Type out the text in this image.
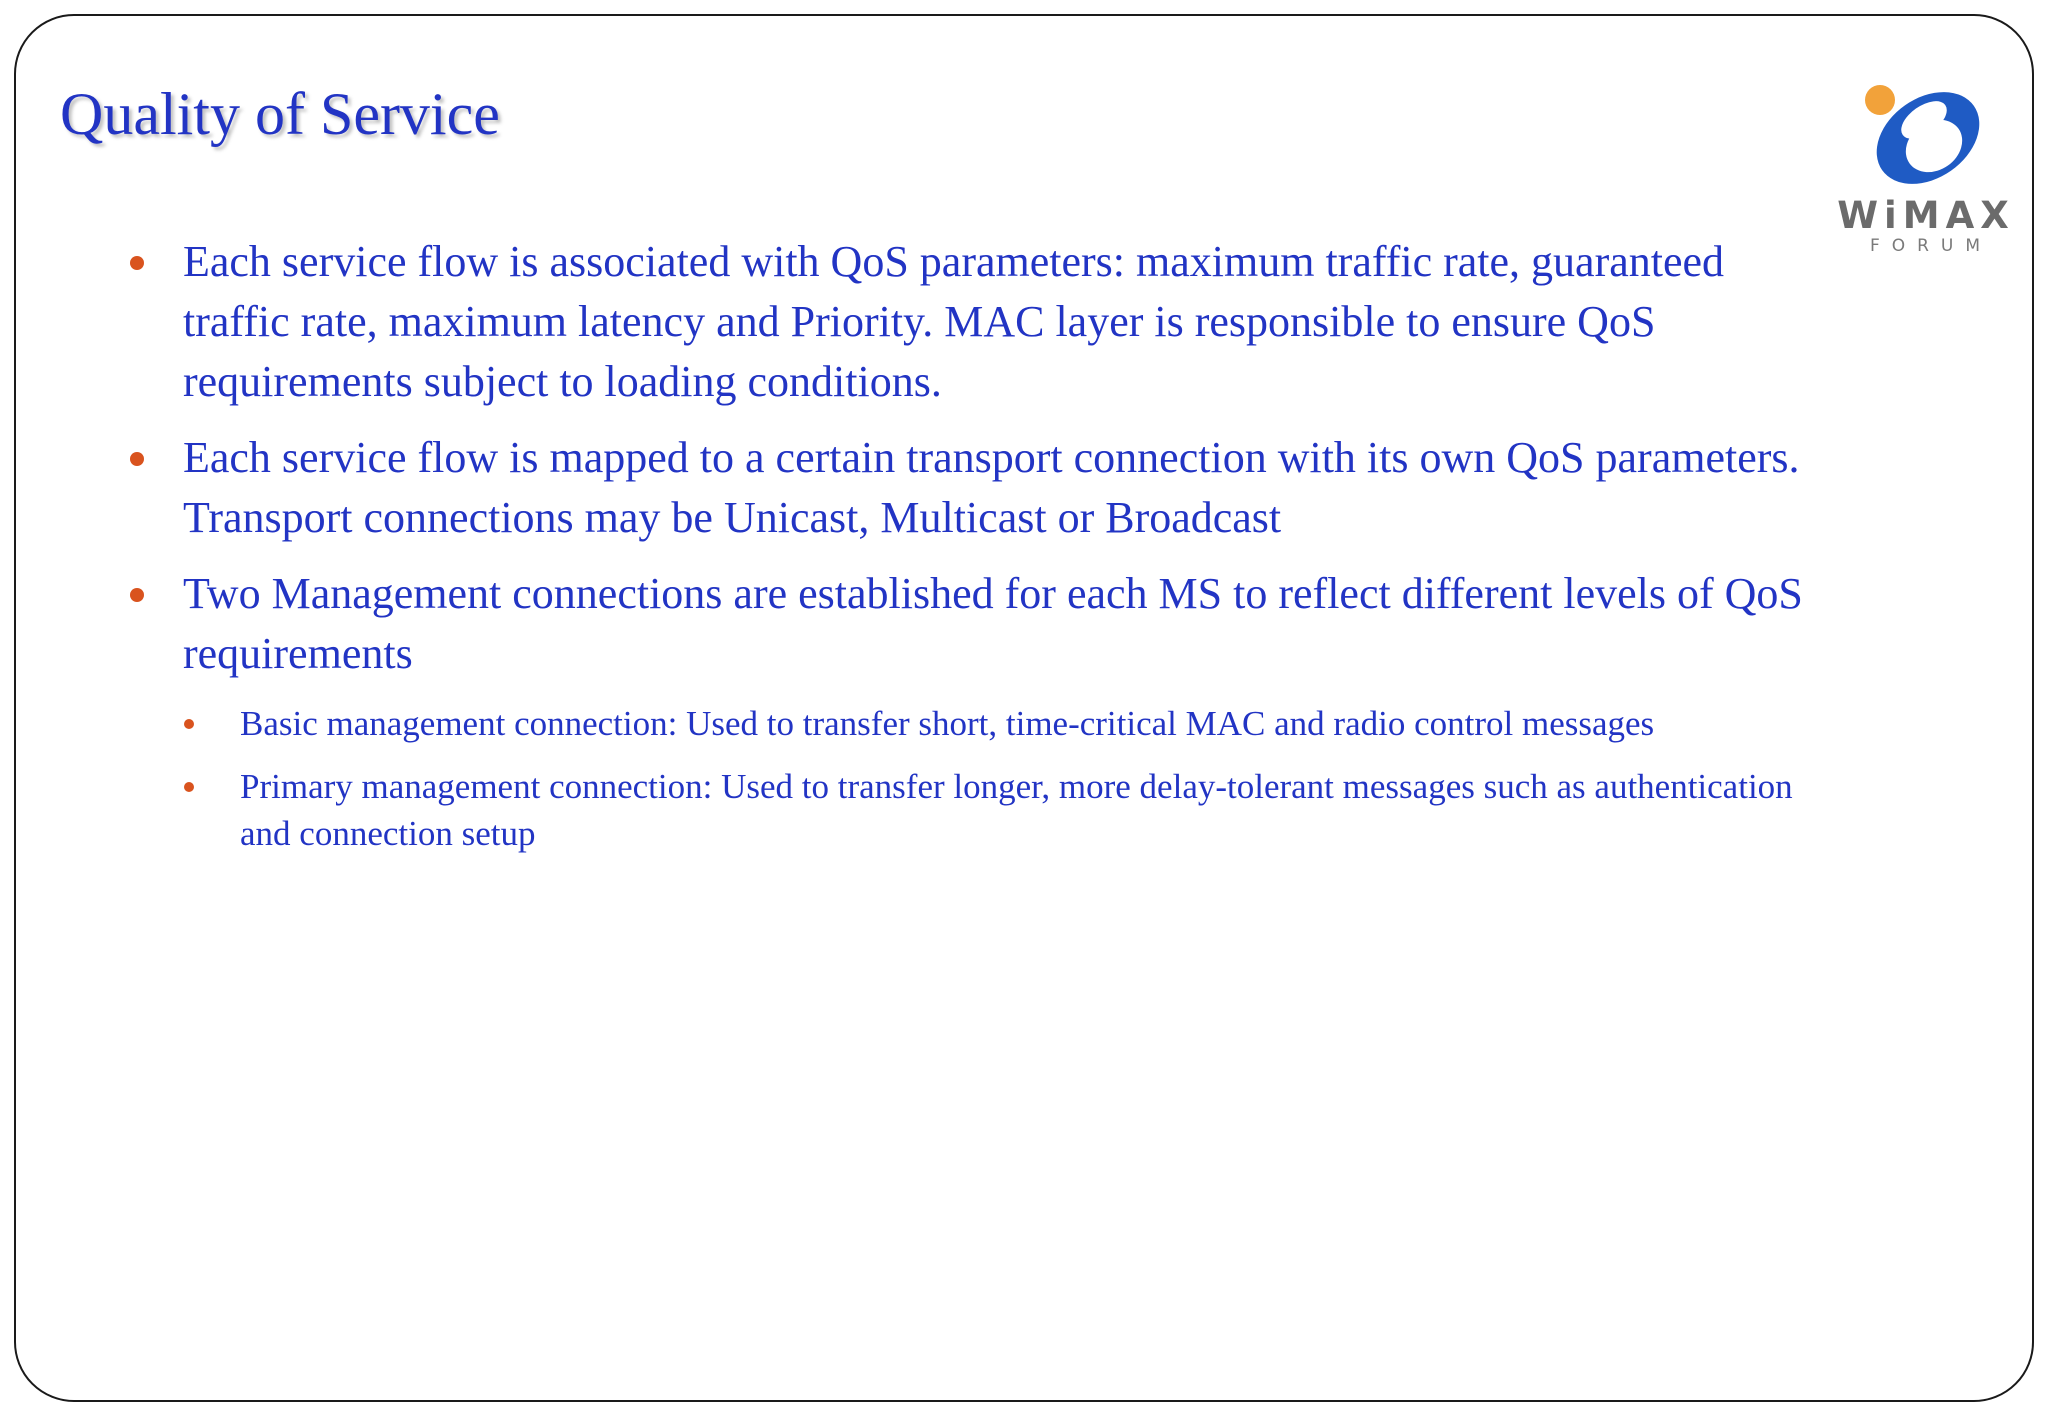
Quality of Service
WiMAX
FORUM
Each service flow is associated with QoS parameters: maximum traffic rate, guaranteed traffic rate, maximum latency and Priority. MAC layer is responsible to ensure QoS requirements subject to loading conditions.
Each service flow is mapped to a certain transport connection with its own QoS parameters. Transport connections may be Unicast, Multicast or Broadcast
Two Management connections are established for each MS to reflect different levels of QoS requirements
Basic management connection: Used to transfer short, time-critical MAC and radio control messages
Primary management connection: Used to transfer longer, more delay-tolerant messages such as authentication and connection setup
